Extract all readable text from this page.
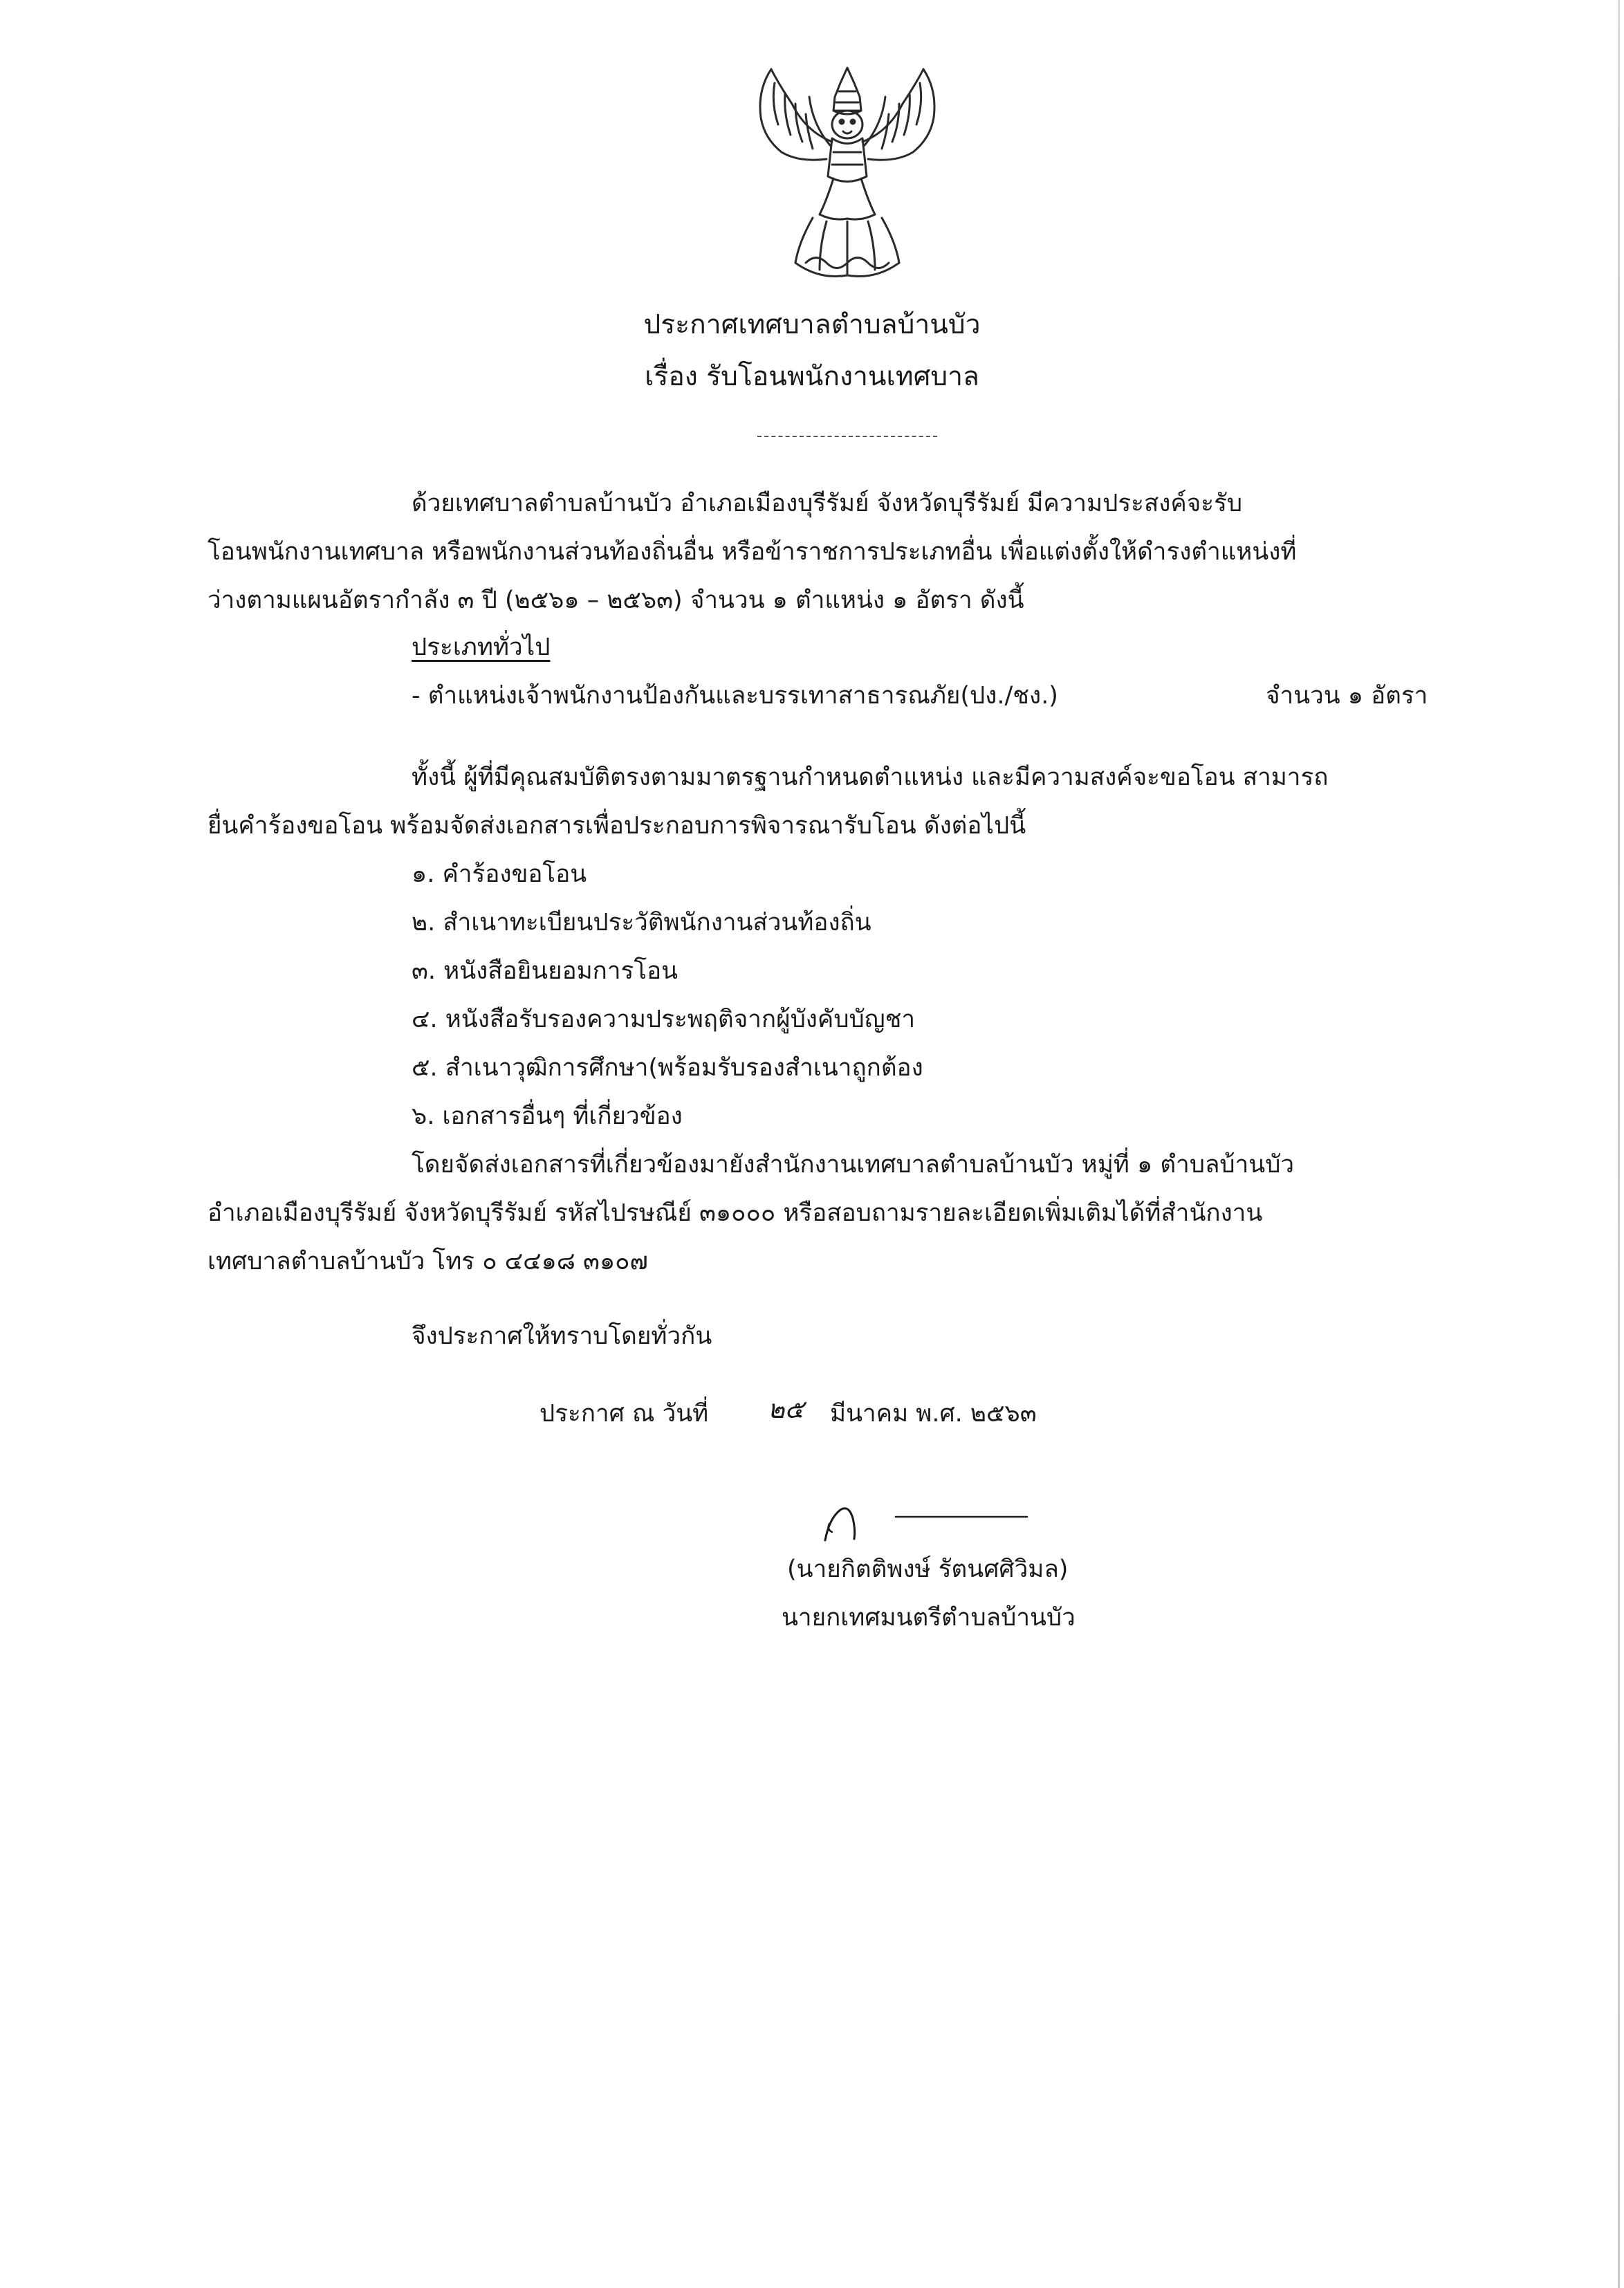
ประกาศเทศบาลตำบลบ้านบัว
เรื่อง รับโอนพนักงานเทศบาล
ด้วยเทศบาลตำบลบ้านบัว อำเภอเมืองบุรีรัมย์ จังหวัดบุรีรัมย์ มีความประสงค์จะรับ
โอนพนักงานเทศบาล หรือพนักงานส่วนท้องถิ่นอื่น หรือข้าราชการประเภทอื่น เพื่อแต่งตั้งให้ดำรงตำแหน่งที่
ว่างตามแผนอัตรากำลัง ๓ ปี (๒๕๖๑ – ๒๕๖๓) จำนวน ๑ ตำแหน่ง ๑ อัตรา ดังนี้
ประเภททั่วไป
- ตำแหน่งเจ้าพนักงานป้องกันและบรรเทาสาธารณภัย(ปง./ชง.)	จำนวน ๑ อัตรา
ทั้งนี้ ผู้ที่มีคุณสมบัติตรงตามมาตรฐานกำหนดตำแหน่ง และมีความสงค์จะขอโอน สามารถ
ยื่นคำร้องขอโอน พร้อมจัดส่งเอกสารเพื่อประกอบการพิจารณารับโอน ดังต่อไปนี้
๑. คำร้องขอโอน
๒. สำเนาทะเบียนประวัติพนักงานส่วนท้องถิ่น
๓. หนังสือยินยอมการโอน
๔. หนังสือรับรองความประพฤติจากผู้บังคับบัญชา
๕. สำเนาวุฒิการศึกษา(พร้อมรับรองสำเนาถูกต้อง
๖. เอกสารอื่นๆ ที่เกี่ยวข้อง
โดยจัดส่งเอกสารที่เกี่ยวข้องมายังสำนักงานเทศบาลตำบลบ้านบัว หมู่ที่ ๑ ตำบลบ้านบัว
อำเภอเมืองบุรีรัมย์ จังหวัดบุรีรัมย์ รหัสไปรษณีย์ ๓๑๐๐๐ หรือสอบถามรายละเอียดเพิ่มเติมได้ที่สำนักงาน
เทศบาลตำบลบ้านบัว โทร ๐ ๔๔๑๘ ๓๑๐๗
จึงประกาศให้ทราบโดยทั่วกัน
ประกาศ ณ วันที่ ๒๕ มีนาคม พ.ศ. ๒๕๖๓
(นายกิตติพงษ์ รัตนศศิวิมล)
นายกเทศมนตรีตำบลบ้านบัว
